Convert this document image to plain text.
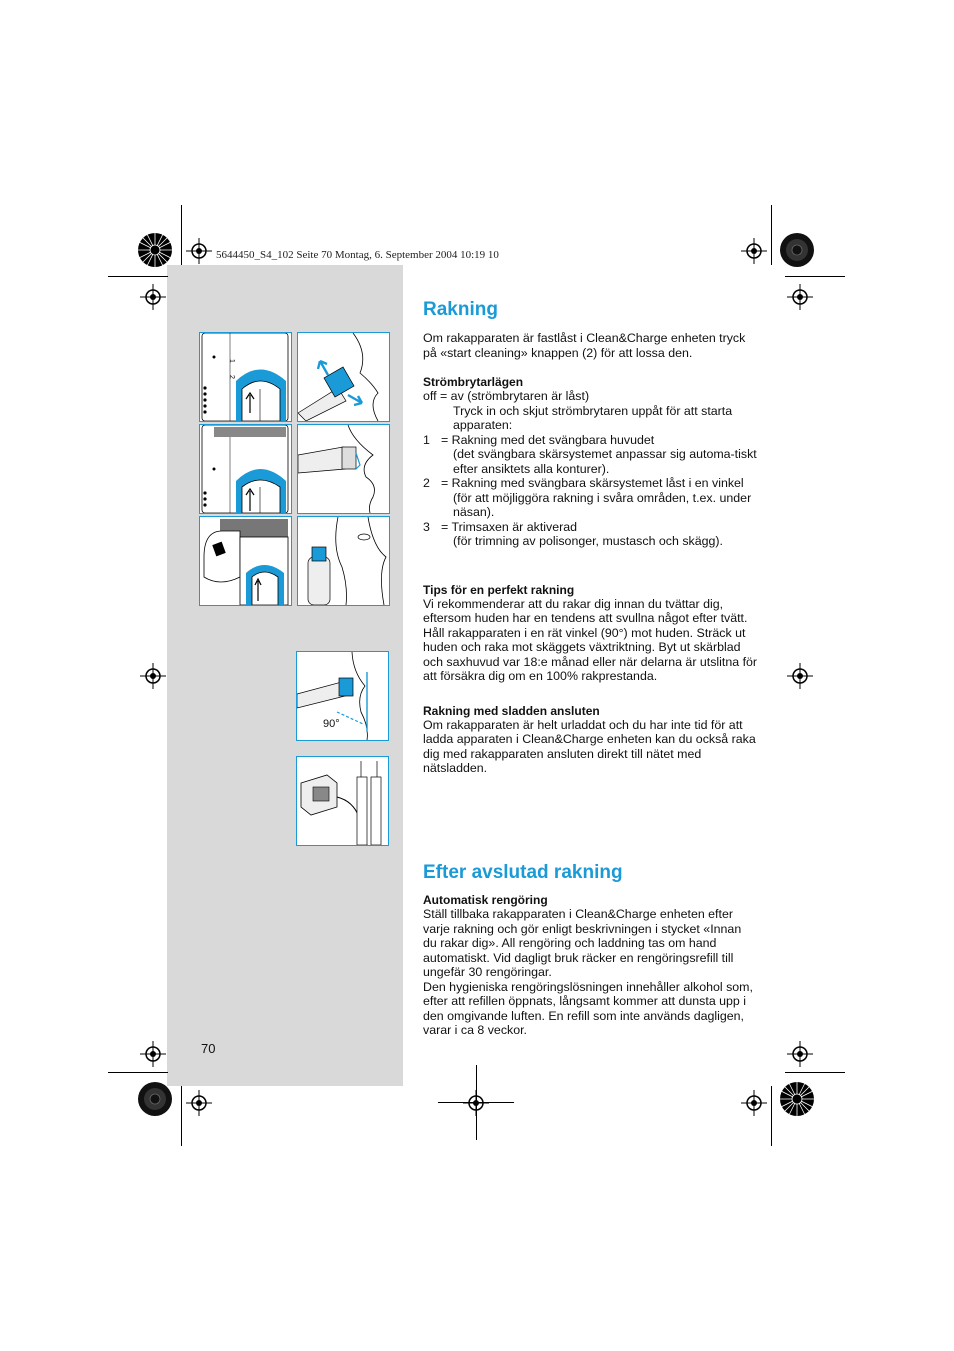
5644450_S4_102 Seite 70 Montag, 6. September 2004 10:19 10
1
2
90°
70
Rakning

Om rakapparaten är fastlåst i Clean&Charge enheten tryck på «start cleaning» knappen (2) för att lossa den.

Strömbrytarlägen

off = av (strömbrytaren är låst)

Tryck in och skjut strömbrytaren uppåt för att starta apparaten:

1 = Rakning med det svängbara huvudet

(det svängbara skärsystemet anpassar sig automa-tiskt efter ansiktets alla konturer).

2 = Rakning med svängbara skärsystemet låst i en vinkel

(för att möjliggöra rakning i svåra områden, t.ex. under näsan).

3 = Trimsaxen är aktiverad

(för trimning av polisonger, mustasch och skägg).

Tips för en perfekt rakning

Vi rekommenderar att du rakar dig innan du tvättar dig, eftersom huden har en tendens att svullna något efter tvätt. Håll rakapparaten i en rät vinkel (90°) mot huden. Sträck ut huden och raka mot skäggets växtriktning. Byt ut skärblad och saxhuvud var 18:e månad eller när delarna är utslitna för att försäkra dig om en 100% rakprestanda.

Rakning med sladden ansluten

Om rakapparaten är helt urladdat och du har inte tid för att ladda apparaten i Clean&Charge enheten kan du också raka dig med rakapparaten ansluten direkt till nätet med nätsladden.

Efter avslutad rakning

Automatisk rengöring

Ställ tillbaka rakapparaten i Clean&Charge enheten efter varje rakning och gör enligt beskrivningen i stycket «Innan du rakar dig». All rengöring och laddning tas om hand automatiskt. Vid dagligt bruk räcker en rengöringsrefill till ungefär 30 rengöringar.

Den hygieniska rengöringslösningen innehåller alkohol som, efter att refillen öppnats, långsamt kommer att dunsta upp i den omgivande luften. En refill som inte används dagligen, varar i ca 8 veckor.
